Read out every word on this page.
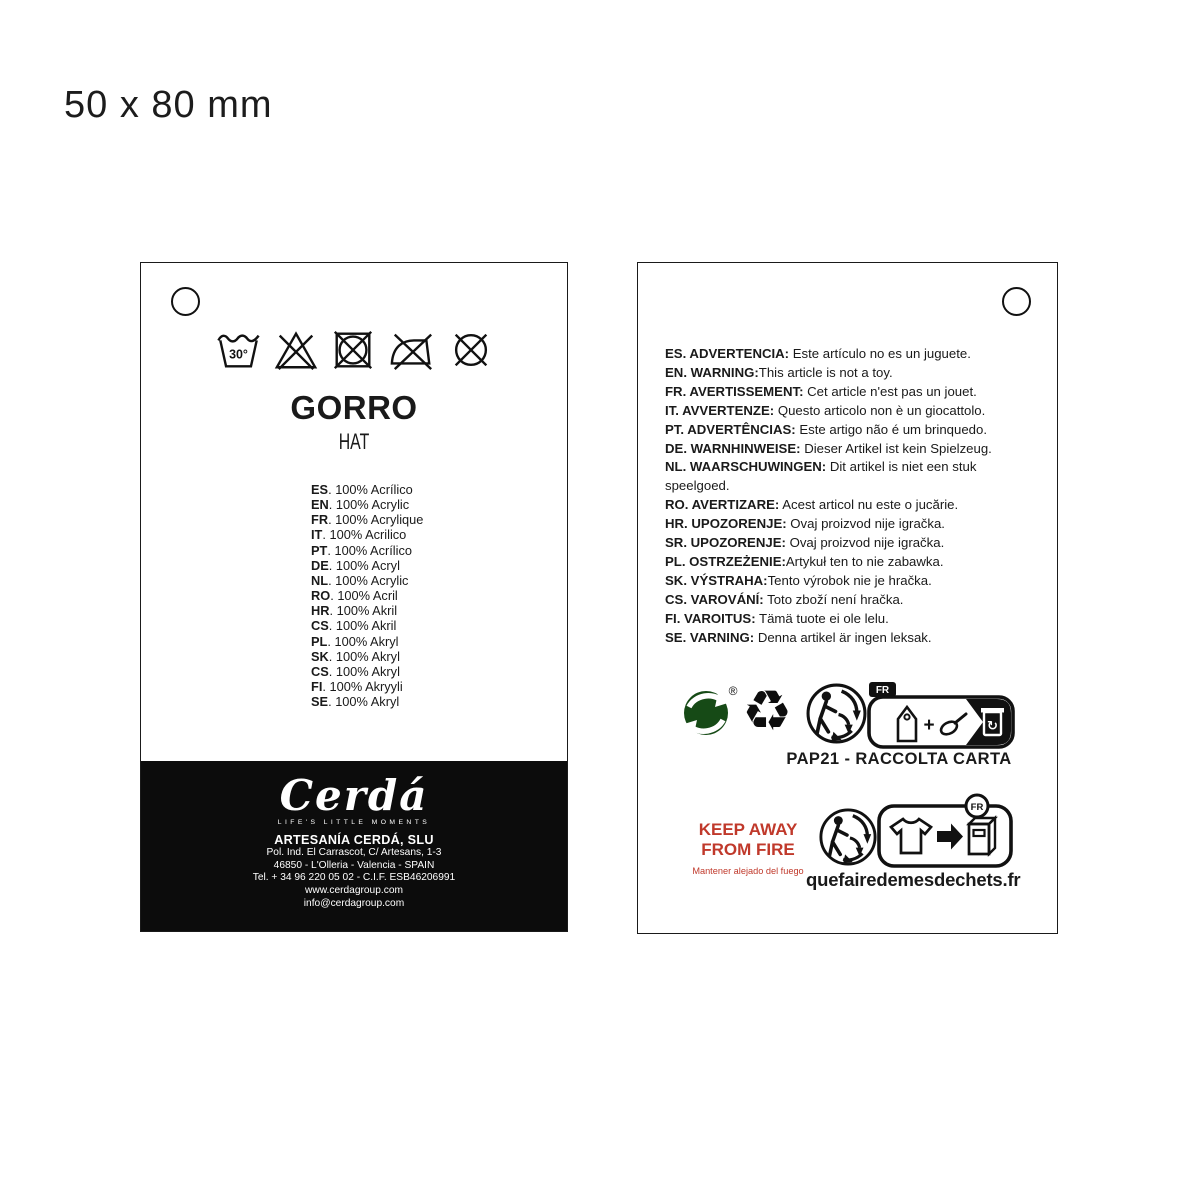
50 x 80 mm
30°
GORRO
HAT
ES. 100% Acrílico
EN. 100% Acrylic
FR. 100% Acrylique
IT. 100% Acrilico
PT. 100% Acrílico
DE. 100% Acryl
NL. 100% Acrylic
RO. 100% Acril
HR. 100% Akril
CS. 100% Akril
PL. 100% Akryl
SK. 100% Akryl
CS. 100% Akryl
FI. 100% Akryyli
SE. 100% Akryl
Cerdá
LIFE'S LITTLE MOMENTS
ARTESANÍA CERDÁ, SLU
Pol. Ind. El Carrascot, C/ Artesans, 1-3
46850 - L'Olleria - Valencia - SPAIN
Tel. + 34 96 220 05 02 - C.I.F. ESB46206991
www.cerdagroup.com
info@cerdagroup.com
ES. ADVERTENCIA: Este artículo no es un juguete.
EN. WARNING:This article is not a toy.
FR. AVERTISSEMENT: Cet article n'est pas un jouet.
IT. AVVERTENZE: Questo articolo non è un giocattolo.
PT. ADVERTÊNCIAS: Este artigo não é um brinquedo.
DE. WARNHINWEISE: Dieser Artikel ist kein Spielzeug.
NL. WAARSCHUWINGEN: Dit artikel is niet een stuk speelgoed.
RO. AVERTIZARE: Acest articol nu este o jucărie.
HR. UPOZORENJE: Ovaj proizvod nije igračka.
SR. UPOZORENJE: Ovaj proizvod nije igračka.
PL. OSTRZEŻENIE:Artykuł ten to nie zabawka.
SK. VÝSTRAHA:Tento výrobok nie je hračka.
CS. VAROVÁNÍ: Toto zboží není hračka.
FI. VAROITUS: Tämä tuote ei ole lelu.
SE. VARNING: Denna artikel är ingen leksak.
® ♻	FR
+	↻
PAP21 - RACCOLTA CARTA
KEEP AWAY
FROM FIRE
Mantener alejado del fuego
FR
quefairedemesdechets.fr
